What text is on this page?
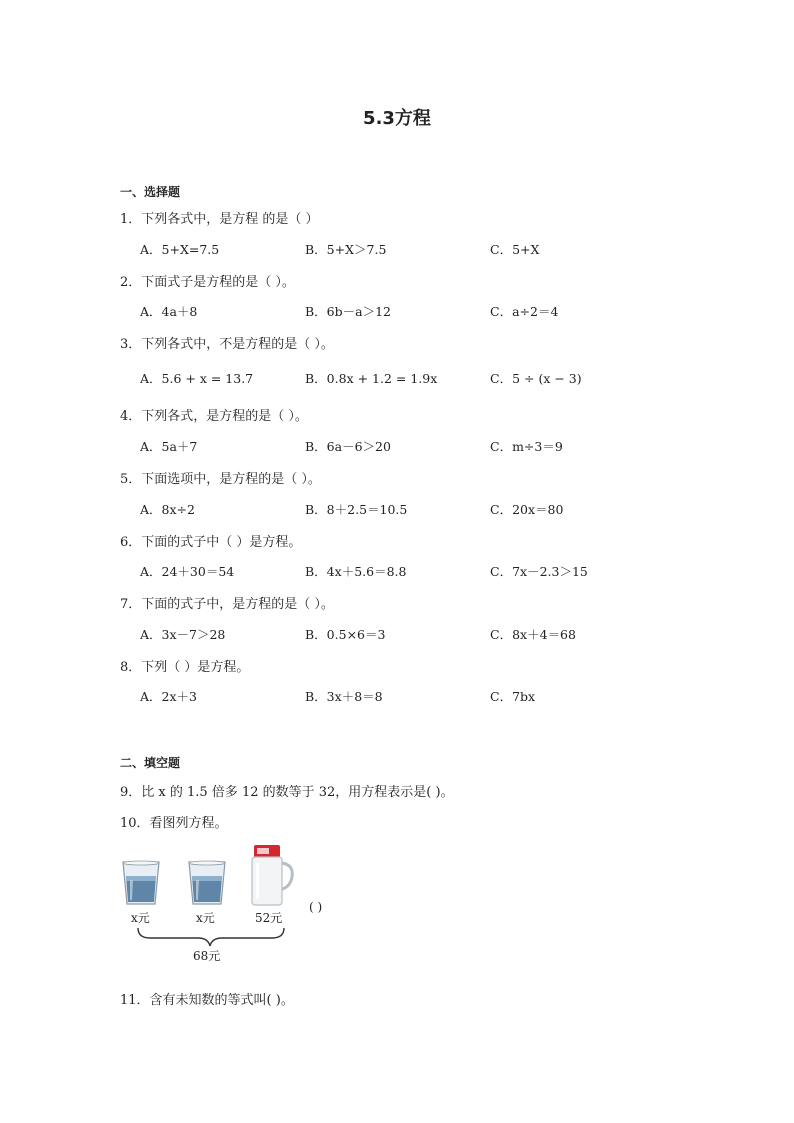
5.3方程
一、选择题
1．下列各式中，是方程 的是（ ）
A．5+X=7.5	B．5+X＞7.5	C．5+X
2．下面式子是方程的是（ ）。
A．4a＋8	B．6b－a＞12	C．a÷2＝4
3．下列各式中，不是方程的是（ ）。
A．5.6 + x = 13.7	B．0.8x + 1.2 = 1.9x	C．5 ÷ (x − 3)
4．下列各式，是方程的是（ ）。
A．5a＋7	B．6a－6＞20	C．m÷3＝9
5．下面选项中，是方程的是（ ）。
A．8x÷2	B．8＋2.5＝10.5	C．20x＝80
6．下面的式子中（ ）是方程。
A．24＋30＝54	B．4x＋5.6＝8.8	C．7x－2.3＞15
7．下面的式子中，是方程的是（ ）。
A．3x－7＞28	B．0.5×6＝3	C．8x＋4＝68
8．下列（ ）是方程。
A．2x＋3	B．3x＋8＝8	C．7bx
二、填空题
9．比 x 的 1.5 倍多 12 的数等于 32，用方程表示是( )。
10．看图列方程。
x元	x元	52元
( )
68元
11．含有未知数的等式叫( )。
